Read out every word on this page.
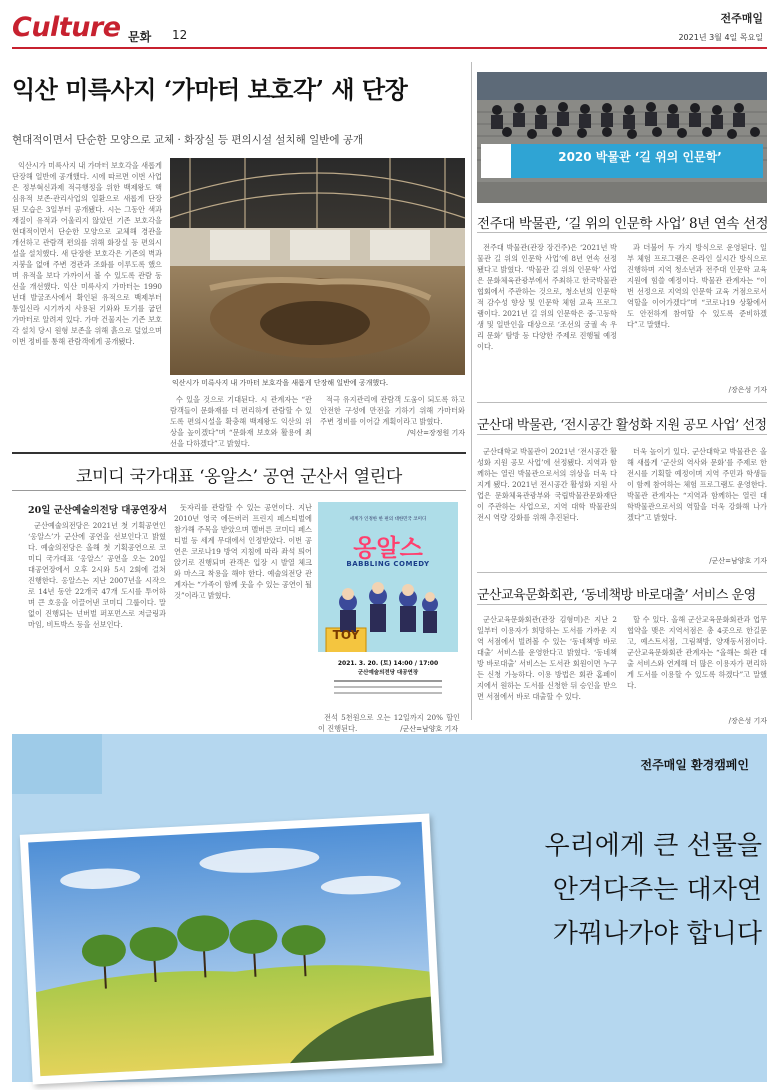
Culture 문화 12
전주매일
2021년 3월 4일 목요일
익산 미륵사지 ‘가마터 보호각’ 새 단장
현대적이면서 단순한 모양으로 교체 · 화장실 등 편의시설 설치해 일반에 공개

익산시가 미륵사지 내 가마터 보호각을 새롭게 단장해 일반에 공개했다. 시에 따르면 이번 사업은 정부혁신과제 적극행정을 위한 백제왕도 핵심유적 보존·관리사업의 일환으로 새롭게 단장된 모습은 3일부터 공개됐다. 시는 그동안 색과 재질이 유적과 어울리지 않았던 기존 보호각을 현대적이면서 단순한 모양으로 교체해 경관을 개선하고 관람객 편의를 위해 화장실 등 편의시설을 설치했다. 새 단장한 보호각은 기존의 벽과 지붕을 없애 주변 경관과 조화를 이루도록 했으며 유적을 보다 가까이서 볼 수 있도록 관람 동선을 개선했다. 익산 미륵사지 가마터는 1990년대 발굴조사에서 확인된 유적으로 백제부터 통일신라 시기까지 사용된 기와와 토기를 굽던 가마터로 알려져 있다. 가마 건물지는 기존 보호각 설치 당시 원형 보존을 위해 흙으로 덮었으며 이번 정비를 통해 관람객에게 공개됐다.

익산시가 미륵사지 내 가마터 보호각을 새롭게 단장해 일반에 공개했다.

수 있을 것으로 기대된다. 시 관계자는 “관람객들이 문화재를 더 편리하게 관람할 수 있도록 편의시설을 확충해 백제왕도 익산의 위상을 높이겠다”며 “문화재 보호와 활용에 최선을 다하겠다”고 밝혔다.

적극 유지관리에 관람객 도움이 되도록 하고 안전한 구성에 만전을 기하기 위해 가마터와 주변 정비를 이어갈 계획이라고 밝혔다.

/익산=장정원 기자
코미디 국가대표 ‘옹알스’ 공연 군산서 열린다
20일 군산예술의전당 대공연장서

군산예술의전당은 2021년 첫 기획공연인 ‘옹알스’가 군산에 공연을 선보인다고 밝혔다. 예술의전당은 올해 첫 기획공연으로 코미디 국가대표 ‘옹알스’ 공연을 오는 20일 대공연장에서 오후 2시와 5시 2회에 걸쳐 진행한다. 옹알스는 지난 2007년을 시작으로 14년 동안 22개국 47개 도시를 투어하며 큰 호응을 이끌어낸 코미디 그룹이다. 말없이 진행되는 넌버벌 퍼포먼스로 저글링과 마임, 비트박스 등을 선보인다.

돗자리를 관람할 수 있는 공연이다. 지난 2010년 영국 에든버러 프린지 페스티벌에 참가해 주목을 받았으며 멜버른 코미디 페스티벌 등 세계 무대에서 인정받았다. 이번 공연은 코로나19 방역 지침에 따라 좌석 띄어 앉기로 진행되며 관객은 입장 시 발열 체크와 마스크 착용을 해야 한다. 예술의전당 관계자는 “가족이 함께 웃을 수 있는 공연이 될 것”이라고 밝혔다.

세계가 인정한 한 편의 대한민국 코미디
옹알스
BABBLING COMEDY
TOY
2021. 3. 20. (토) 14:00 / 17:00
군산예술의전당 대공연장

전석 5천원으로 오는 12일까지 20% 할인이 진행된다.	/군산=남양호 기자
2020 박물관 ‘길 위의 인문학’
전주대 박물관, ‘길 위의 인문학 사업’ 8년 연속 선정

전주대 박물관(관장 장건주)은 ‘2021년 박물관 길 위의 인문학 사업’에 8년 연속 선정됐다고 밝혔다. ‘박물관 길 위의 인문학’ 사업은 문화체육관광부에서 주최하고 한국박물관협회에서 주관하는 것으로, 청소년의 인문학적 감수성 향상 및 인문학 체험 교육 프로그램이다. 2021년 길 위의 인문학은 중·고등학생 및 일반인을 대상으로 ‘조선의 궁궐 속 우리 문화’ 탐방 등 다양한 주제로 진행될 예정이다.

과 더불어 두 가지 방식으로 운영된다. 일부 체험 프로그램은 온라인 실시간 방식으로 진행하며 지역 청소년과 전주대 인문학 교육 지원에 힘쓸 예정이다. 박물관 관계자는 “이번 선정으로 지역의 인문학 교육 거점으로서 역할을 이어가겠다”며 “코로나19 상황에서도 안전하게 참여할 수 있도록 준비하겠다”고 말했다.

/장은성 기자
군산대 박물관, ‘전시공간 활성화 지원 공모 사업’ 선정

군산대학교 박물관이 2021년 ‘전시공간 활성화 지원 공모 사업’에 선정됐다. 지역과 함께하는 열린 박물관으로서의 위상을 더욱 다지게 됐다. 2021년 전시공간 활성화 지원 사업은 문화체육관광부와 국립박물관문화재단이 주관하는 사업으로, 지역 대학 박물관의 전시 역량 강화를 위해 추진된다.

더욱 높이기 있다. 군산대학교 박물관은 올해 새롭게 ‘군산의 역사와 문화’를 주제로 한 전시를 기획할 예정이며 지역 주민과 학생들이 함께 참여하는 체험 프로그램도 운영한다. 박물관 관계자는 “지역과 함께하는 열린 대학박물관으로서의 역할을 더욱 강화해 나가겠다”고 밝혔다.

/군산=남양호 기자
군산교육문화회관, ‘동네책방 바로대출’ 서비스 운영

군산교육문화회관(관장 김형미)은 지난 2일부터 이용자가 희망하는 도서를 가까운 지역 서점에서 빌려볼 수 있는 ‘동네책방 바로대출’ 서비스를 운영한다고 밝혔다. ‘동네책방 바로대출’ 서비스는 도서관 회원이면 누구든 신청 가능하다. 이용 방법은 회관 홈페이지에서 원하는 도서를 신청한 뒤 승인을 받으면 서점에서 바로 대출할 수 있다.

할 수 있다. 올해 군산교육문화회관과 업무협약을 맺은 지역서점은 총 4곳으로 한길문고, 예스트서점, 그림책방, 양재동서점이다. 군산교육문화회관 관계자는 “올해는 회관 대출 서비스와 연계해 더 많은 이용자가 편리하게 도서를 이용할 수 있도록 하겠다”고 말했다.

/장은성 기자
전주매일 환경캠페인
우리에게 큰 선물을
안겨다주는 대자연
가꿔나가야 합니다
